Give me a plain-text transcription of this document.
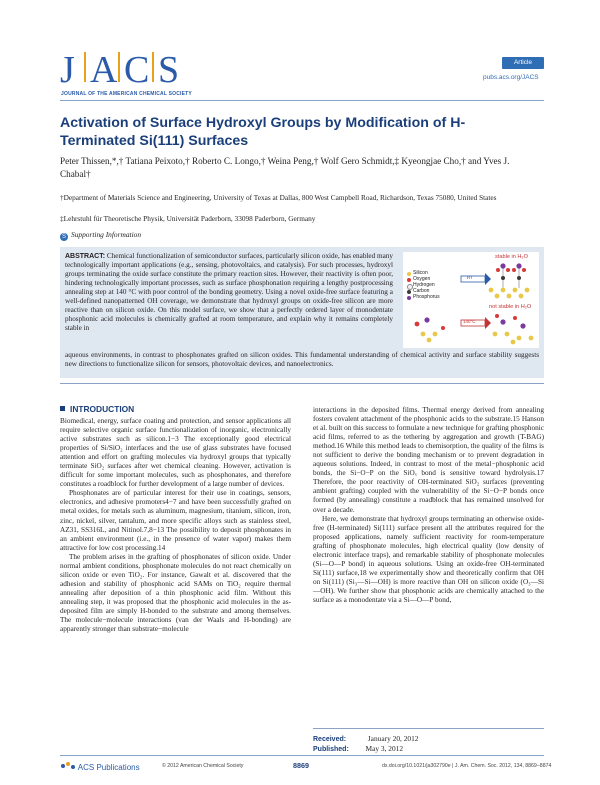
J A C S
JOURNAL OF THE AMERICAN CHEMICAL SOCIETY
Article
pubs.acs.org/JACS
Activation of Surface Hydroxyl Groups by Modification of H-Terminated Si(111) Surfaces
Peter Thissen,*,† Tatiana Peixoto,† Roberto C. Longo,† Weina Peng,† Wolf Gero Schmidt,‡ Kyeongjae Cho,† and Yves J. Chabal†
†Department of Materials Science and Engineering, University of Texas at Dallas, 800 West Campbell Road, Richardson, Texas 75080, United States
‡Lehrstuhl für Theoretische Physik, Universität Paderborn, 33098 Paderborn, Germany
S Supporting Information
ABSTRACT: Chemical functionalization of semiconductor surfaces, particularly silicon oxide, has enabled many technologically important applications (e.g., sensing, photovoltaics, and catalysis). For such processes, hydroxyl groups terminating the oxide surface constitute the primary reaction sites. However, their reactivity is often poor, hindering technologically important processes, such as surface phosphonation requiring a lengthy postprocessing annealing step at 140 °C with poor control of the bonding geometry. Using a novel oxide-free surface featuring a well-defined nanopatterned OH coverage, we demonstrate that hydroxyl groups on oxide-free silicon are more reactive than on silicon oxide. On this model surface, we show that a perfectly ordered layer of monodentate phosphonic acid molecules is chemically grafted at room temperature, and explain why it remains completely stable in
aqueous environments, in contrast to phosphonates grafted on silicon oxides. This fundamental understanding of chemical activity and surface stability suggests new directions to functionalize silicon for sensors, photovoltaic devices, and nanoelectronics.
stable in H₂O
not stable in H₂O
Silicon
Oxygen
Hydrogen
Carbon
Phosphorus
RT
140°C
INTRODUCTION

Biomedical, energy, surface coating and protection, and sensor applications all require selective organic surface functionalization of inorganic, electronically active substrates such as silicon.1−3 The exceptionally good electrical properties of Si/SiO₂ interfaces and the use of glass substrates have focused attention and effort on grafting molecules via hydroxyl groups that typically terminate SiO₂ surfaces after wet chemical cleaning. However, activation is difficult for some important molecules, such as phosphonates, and therefore constitutes a roadblock for further development of a large number of devices.

Phosphonates are of particular interest for their use in coatings, sensors, electronics, and adhesive promoters4−7 and have been successfully grafted on metal oxides, for metals such as aluminum, magnesium, titanium, silicon, iron, zinc, nickel, silver, tantalum, and more specific alloys such as stainless steel, AZ31, SS316L, and Nitinol.7,8−13 The possibility to deposit phosphonates in an ambient environment (i.e., in the presence of water vapor) makes them attractive for low cost processing.14

The problem arises in the grafting of phosphonates of silicon oxide. Under normal ambient conditions, phosphonate molecules do not react chemically on silicon oxide or even TiO₂. For instance, Gawalt et al. discovered that the adhesion and stability of phosphonic acid SAMs on TiO₂ require thermal annealing after deposition of a thin phosphonic acid film. Without this annealing step, it was proposed that the phosphonic acid molecules in the as-deposited film are simply H-bonded to the substrate and among themselves. The molecule−molecule interactions (van der Waals and H-bonding) are apparently stronger than substrate−molecule

interactions in the deposited films. Thermal energy derived from annealing fosters covalent attachment of the phosphonic acids to the substrate.15 Hanson et al. built on this success to formulate a new technique for grafting phosphonic acid films, referred to as the tethering by aggregation and growth (T-BAG) method.16 While this method leads to chemisorption, the quality of the films is not sufficient to derive the bonding mechanism or to prevent degradation in aqueous solutions. Indeed, in contrast to most of the metal−phosphonic acid bonds, the Si−O−P on the SiOₓ bond is sensitive toward hydrolysis.17 Therefore, the poor reactivity of OH-terminated SiO₂ surfaces (preventing ambient grafting) coupled with the vulnerability of the Si−O−P bonds once formed (by annealing) constitute a roadblock that has remained unsolved for over a decade.

Here, we demonstrate that hydroxyl groups terminating an otherwise oxide-free (H-terminated) Si(111) surface present all the attributes required for the proposed applications, namely sufficient reactivity for room-temperature grafting of phosphonate molecules, high electrical quality (low density of electronic interface traps), and remarkable stability of phosphonate molecules (Si—O—P bond) in aqueous solutions. Using an oxide-free OH-terminated Si(111) surface,18 we experimentally show and theoretically confirm that OH on Si(111) (Si₃—Si—OH) is more reactive than OH on silicon oxide (O₃—Si—OH). We further show that phosphonic acids are chemically attached to the surface as a monodentate via a Si—O—P bond,

Received:	January 20, 2012
Published: May 3, 2012
ACS Publications	© 2012 American Chemical Society	8869	dx.doi.org/10.1021/ja302790e | J. Am. Chem. Soc. 2012, 134, 8869−8874
